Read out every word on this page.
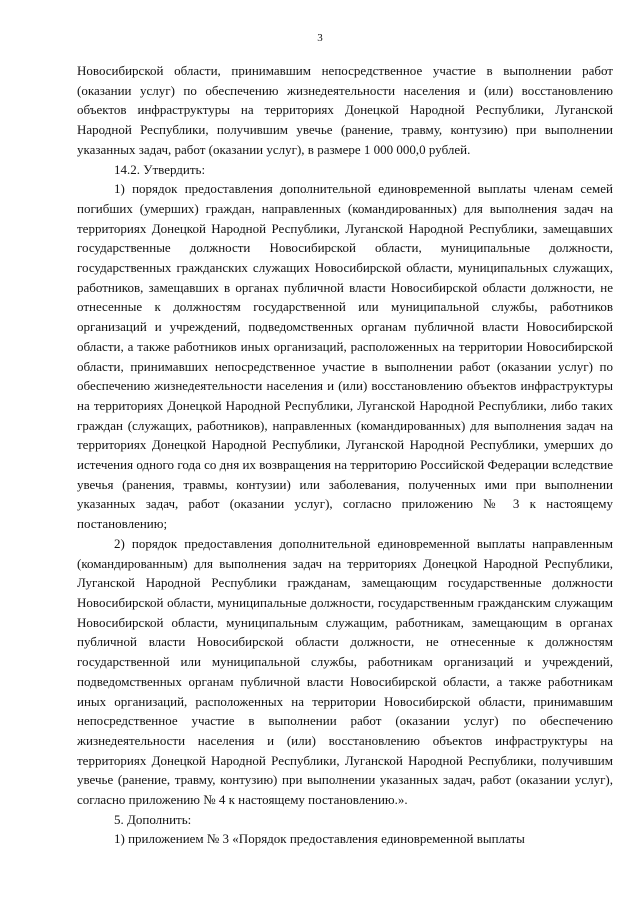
3

Новосибирской области, принимавшим непосредственное участие в выполнении работ (оказании услуг) по обеспечению жизнедеятельности населения и (или) восстановлению объектов инфраструктуры на территориях Донецкой Народной Республики, Луганской Народной Республики, получившим увечье (ранение, травму, контузию) при выполнении указанных задач, работ (оказании услуг), в размере 1 000 000,0 рублей.

14.2. Утвердить:

1) порядок предоставления дополнительной единовременной выплаты членам семей погибших (умерших) граждан, направленных (командированных) для выполнения задач на территориях Донецкой Народной Республики, Луганской Народной Республики, замещавших государственные должности Новосибирской области, муниципальные должности, государственных гражданских служащих Новосибирской области, муниципальных служащих, работников, замещавших в органах публичной власти Новосибирской области должности, не отнесенные к должностям государственной или муниципальной службы, работников организаций и учреждений, подведомственных органам публичной власти Новосибирской области, а также работников иных организаций, расположенных на территории Новосибирской области, принимавших непосредственное участие в выполнении работ (оказании услуг) по обеспечению жизнедеятельности населения и (или) восстановлению объектов инфраструктуры на территориях Донецкой Народной Республики, Луганской Народной Республики, либо таких граждан (служащих, работников), направленных (командированных) для выполнения задач на территориях Донецкой Народной Республики, Луганской Народной Республики, умерших до истечения одного года со дня их возвращения на территорию Российской Федерации вследствие увечья (ранения, травмы, контузии) или заболевания, полученных ими при выполнении указанных задач, работ (оказании услуг), согласно приложению № 3 к настоящему постановлению;

2) порядок предоставления дополнительной единовременной выплаты направленным (командированным) для выполнения задач на территориях Донецкой Народной Республики, Луганской Народной Республики гражданам, замещающим государственные должности Новосибирской области, муниципальные должности, государственным гражданским служащим Новосибирской области, муниципальным служащим, работникам, замещающим в органах публичной власти Новосибирской области должности, не отнесенные к должностям государственной или муниципальной службы, работникам организаций и учреждений, подведомственных органам публичной власти Новосибирской области, а также работникам иных организаций, расположенных на территории Новосибирской области, принимавшим непосредственное участие в выполнении работ (оказании услуг) по обеспечению жизнедеятельности населения и (или) восстановлению объектов инфраструктуры на территориях Донецкой Народной Республики, Луганской Народной Республики, получившим увечье (ранение, травму, контузию) при выполнении указанных задач, работ (оказании услуг), согласно приложению № 4 к настоящему постановлению.».

5. Дополнить:

1) приложением № 3 «Порядок предоставления единовременной выплаты
